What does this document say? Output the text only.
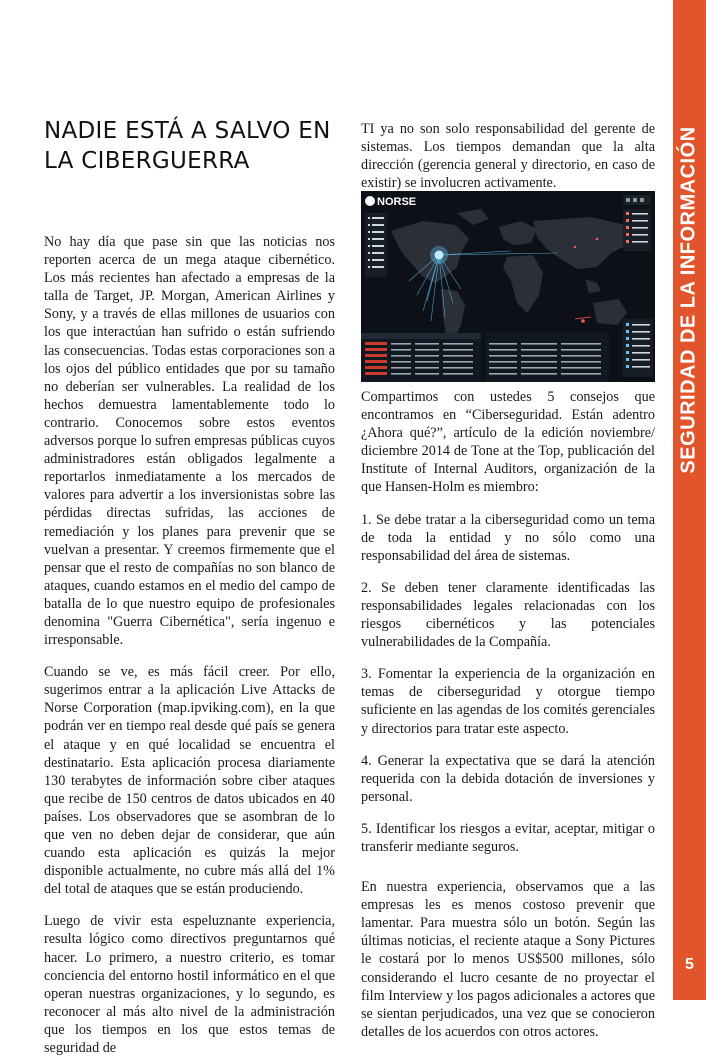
SEGURIDAD DE LA INFORMACIÓN
5
NADIE ESTÁ A SALVO EN LA CIBERGUERRA

No hay día que pase sin que las noticias nos reporten acerca de un mega ataque cibernético. Los más recientes han afectado a empresas de la talla de Target, JP. Morgan, American Airlines y Sony, y a través de ellas millones de usuarios con los que interactúan han sufrido o están sufriendo las consecuencias. Todas estas corporaciones son a los ojos del público entidades que por su tamaño no deberían ser vulnerables. La realidad de los hechos demuestra lamentablemente todo lo contrario. Conocemos sobre estos eventos adversos porque lo sufren empresas públicas cuyos administradores están obligados legalmente a reportarlos inmediatamente a los mercados de valores para advertir a los inversionistas sobre las pérdidas directas sufridas, las acciones de remediación y los planes para prevenir que se vuelvan a presentar. Y creemos firmemente que el pensar que el resto de compañías no son blanco de ataques, cuando estamos en el medio del campo de batalla de lo que nuestro equipo de profesionales denomina "Guerra Cibernética", sería ingenuo e irresponsable.

Cuando se ve, es más fácil creer. Por ello, sugerimos entrar a la aplicación Live Attacks de Norse Corporation (map.ipviking.com), en la que podrán ver en tiempo real desde qué país se genera el ataque y en qué localidad se encuentra el destinatario. Esta aplicación procesa diariamente 130 terabytes de información sobre ciber ataques que recibe de 150 centros de datos ubicados en 40 países. Los observadores que se asombran de lo que ven no deben dejar de considerar, que aún cuando esta aplicación es quizás la mejor disponible actualmente, no cubre más allá del 1% del total de ataques que se están produciendo.

Luego de vivir esta espeluznante experiencia, resulta lógico como directivos preguntarnos qué hacer. Lo primero, a nuestro criterio, es tomar conciencia del entorno hostil informático en el que operan nuestras organizaciones, y lo segundo, es reconocer al más alto nivel de la administración que los tiempos en los que estos temas de seguridad de

TI ya no son solo responsabilidad del gerente de sistemas. Los tiempos demandan que la alta dirección (gerencia general y directorio, en caso de existir) se involucren activamente.

NORSE

Compartimos con ustedes 5 consejos que encontramos en “Ciberseguridad. Están adentro ¿Ahora qué?”, artículo de la edición noviembre/ diciembre 2014 de Tone at the Top, publicación del Institute of Internal Auditors, organización de la que Hansen-Holm es miembro:

1. Se debe tratar a la ciberseguridad como un tema de toda la entidad y no sólo como una responsabilidad del área de sistemas.

2. Se deben tener claramente identificadas las responsabilidades legales relacionadas con los riesgos cibernéticos y las potenciales vulnerabilidades de la Compañía.

3. Fomentar la experiencia de la organización en temas de ciberseguridad y otorgue tiempo suficiente en las agendas de los comités gerenciales y directorios para tratar este aspecto.

4. Generar la expectativa que se dará la atención requerida con la debida dotación de inversiones y personal.

5. Identificar los riesgos a evitar, aceptar, mitigar o transferir mediante seguros.

En nuestra experiencia, observamos que a las empresas les es menos costoso prevenir que lamentar. Para muestra sólo un botón. Según las últimas noticias, el reciente ataque a Sony Pictures le costará por lo menos US$500 millones, sólo considerando el lucro cesante de no proyectar el film Interview y los pagos adicionales a actores que se sientan perjudicados, una vez que se conocieron detalles de los acuerdos con otros actores.
